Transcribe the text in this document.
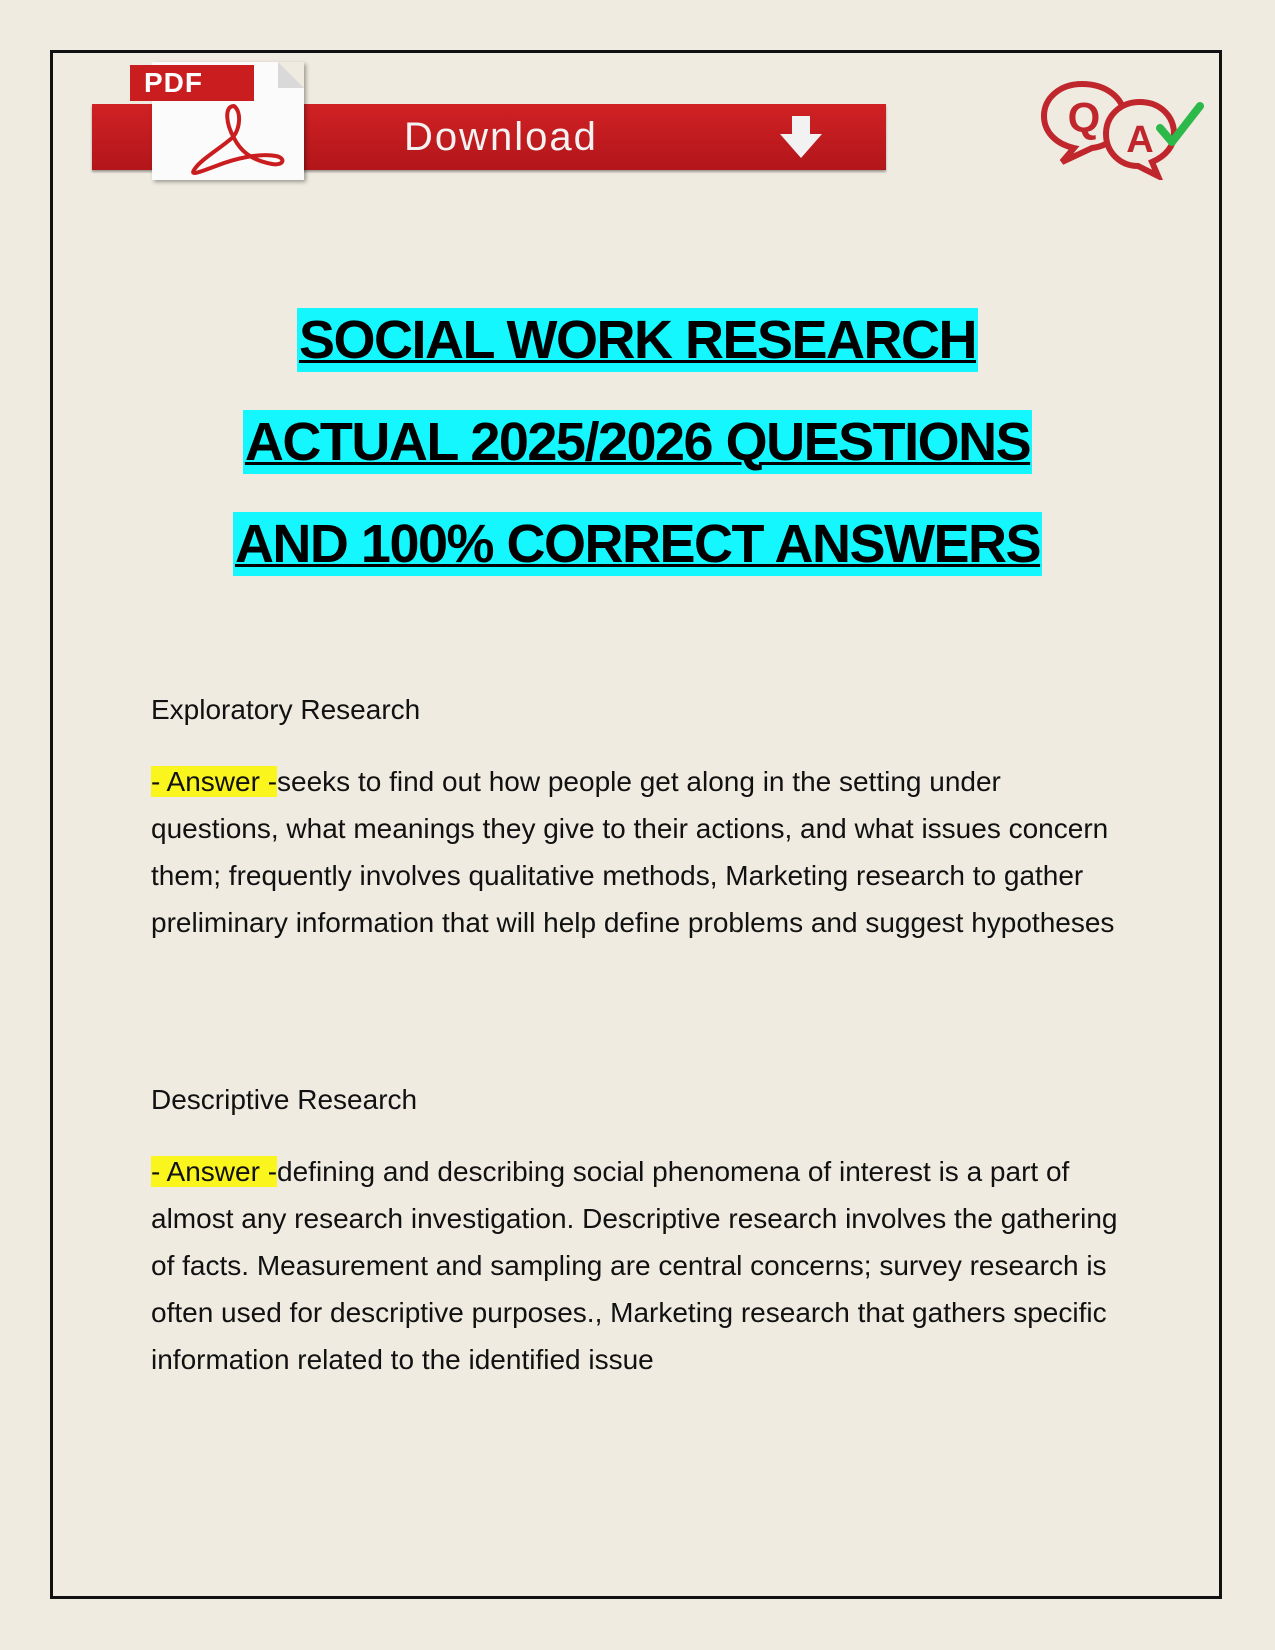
PDF
Download	Q A
SOCIAL WORK RESEARCH
ACTUAL 2025/2026 QUESTIONS
AND 100% CORRECT ANSWERS

Exploratory Research

- Answer -seeks to find out how people get along in the setting under questions, what meanings they give to their actions, and what issues concern them; frequently involves qualitative methods, Marketing research to gather preliminary information that will help define problems and suggest hypotheses

Descriptive Research

- Answer -defining and describing social phenomena of interest is a part of almost any research investigation. Descriptive research involves the gathering of facts. Measurement and sampling are central concerns; survey research is often used for descriptive purposes., Marketing research that gathers specific information related to the identified issue
